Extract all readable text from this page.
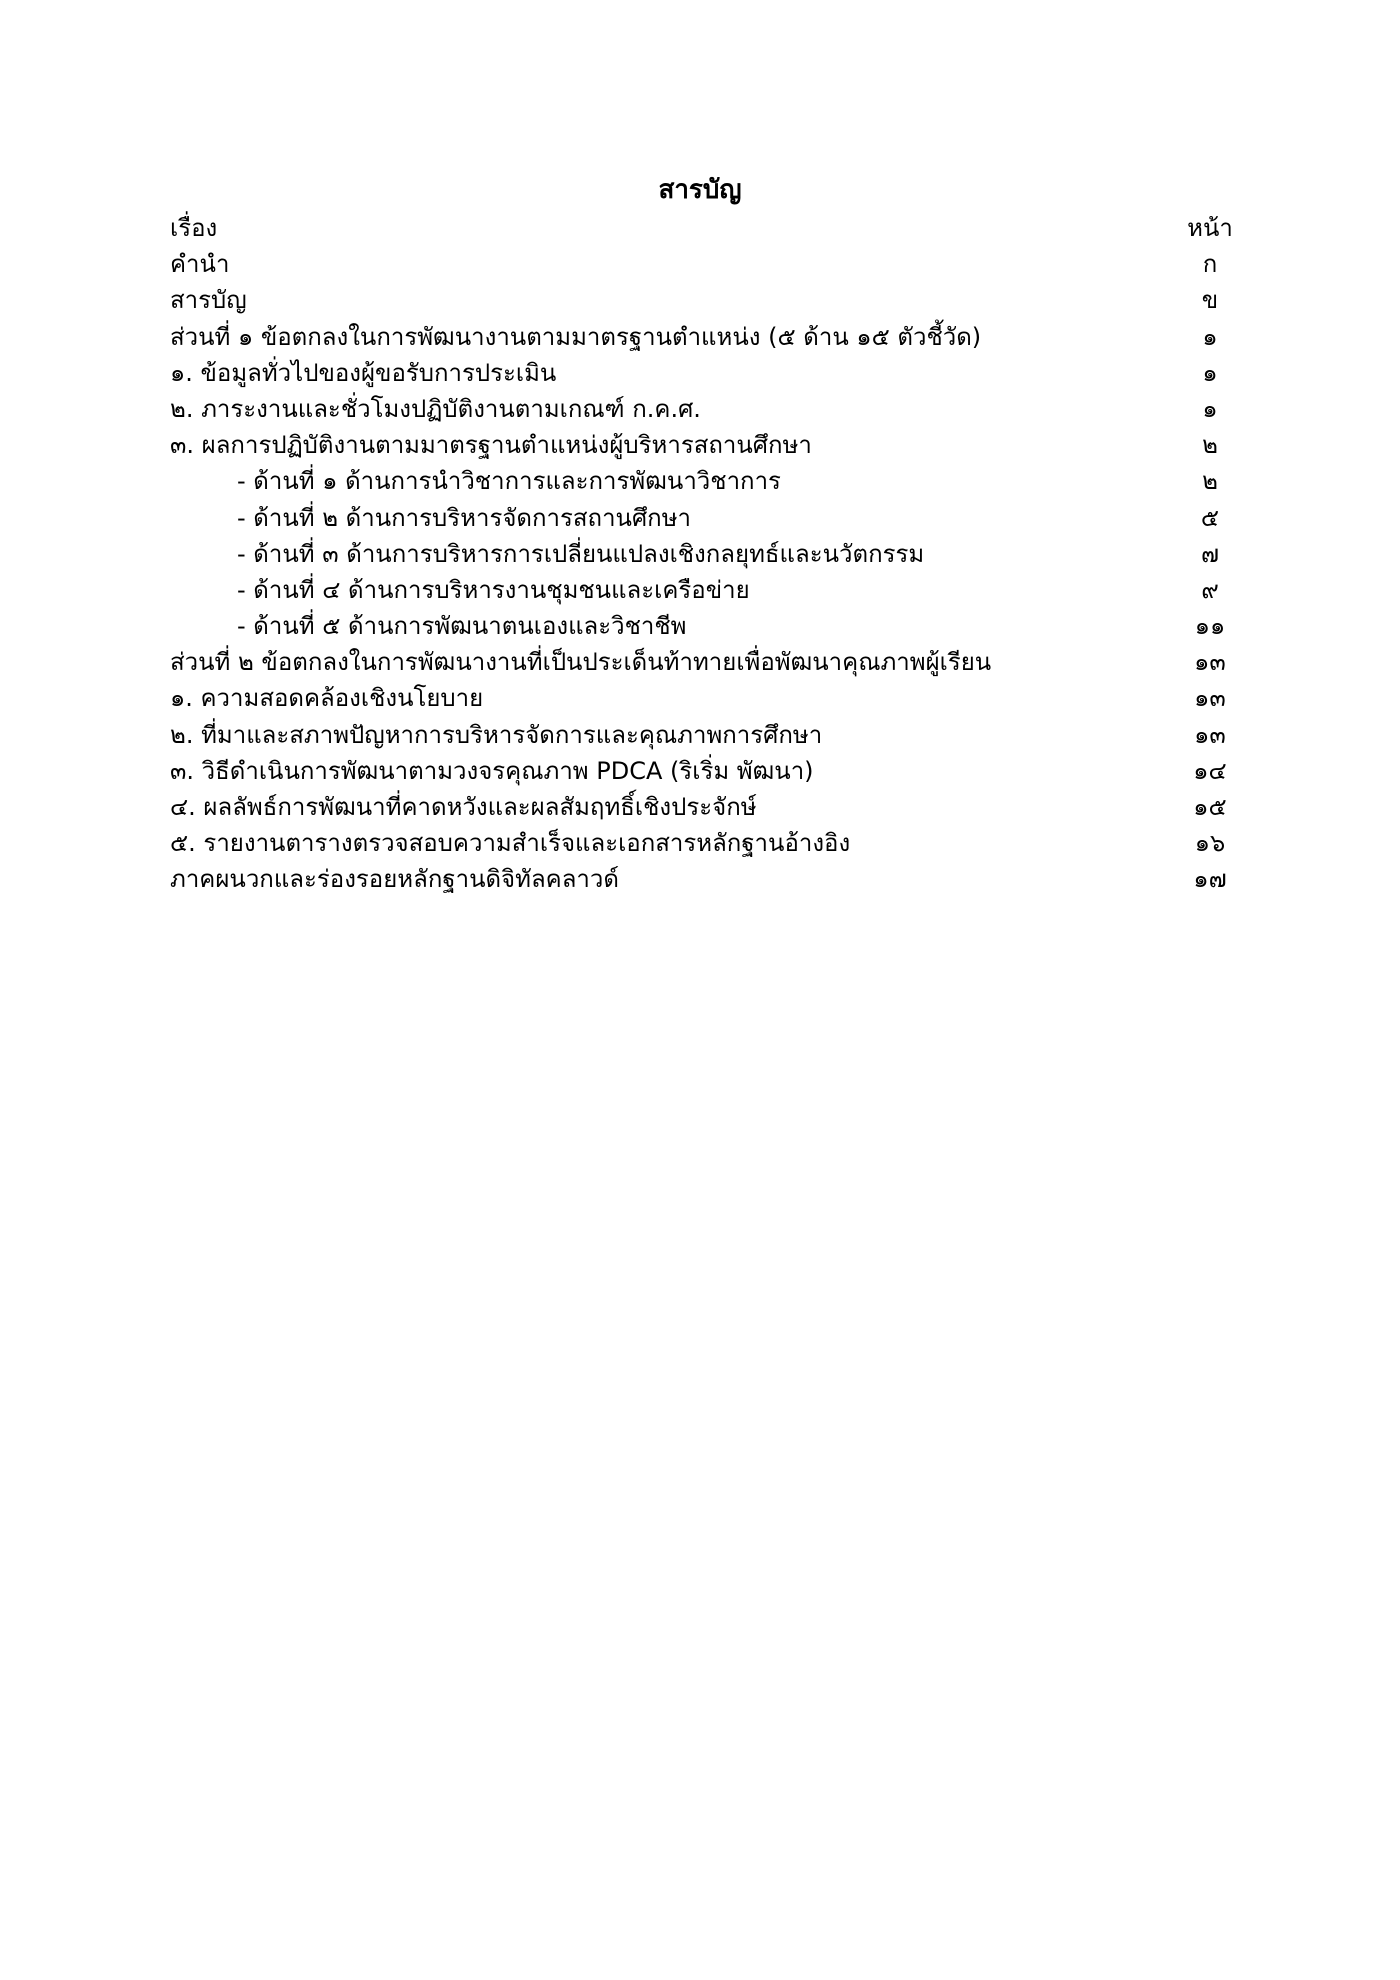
สารบัญ
เรื่อง	หน้า
คำนำ	ก
สารบัญ	ข
ส่วนที่ ๑ ข้อตกลงในการพัฒนางานตามมาตรฐานตำแหน่ง (๕ ด้าน ๑๕ ตัวชี้วัด)	๑
๑. ข้อมูลทั่วไปของผู้ขอรับการประเมิน	๑
๒. ภาระงานและชั่วโมงปฏิบัติงานตามเกณฑ์ ก.ค.ศ.	๑
๓. ผลการปฏิบัติงานตามมาตรฐานตำแหน่งผู้บริหารสถานศึกษา	๒
- ด้านที่ ๑ ด้านการนำวิชาการและการพัฒนาวิชาการ	๒
- ด้านที่ ๒ ด้านการบริหารจัดการสถานศึกษา	๕
- ด้านที่ ๓ ด้านการบริหารการเปลี่ยนแปลงเชิงกลยุทธ์และนวัตกรรม	๗
- ด้านที่ ๔ ด้านการบริหารงานชุมชนและเครือข่าย	๙
- ด้านที่ ๕ ด้านการพัฒนาตนเองและวิชาชีพ	๑๑
ส่วนที่ ๒ ข้อตกลงในการพัฒนางานที่เป็นประเด็นท้าทายเพื่อพัฒนาคุณภาพผู้เรียน	๑๓
๑. ความสอดคล้องเชิงนโยบาย	๑๓
๒. ที่มาและสภาพปัญหาการบริหารจัดการและคุณภาพการศึกษา	๑๓
๓. วิธีดำเนินการพัฒนาตามวงจรคุณภาพ PDCA (ริเริ่ม พัฒนา)	๑๔
๔. ผลลัพธ์การพัฒนาที่คาดหวังและผลสัมฤทธิ์เชิงประจักษ์	๑๕
๕. รายงานตารางตรวจสอบความสำเร็จและเอกสารหลักฐานอ้างอิง	๑๖
ภาคผนวกและร่องรอยหลักฐานดิจิทัลคลาวด์	๑๗
